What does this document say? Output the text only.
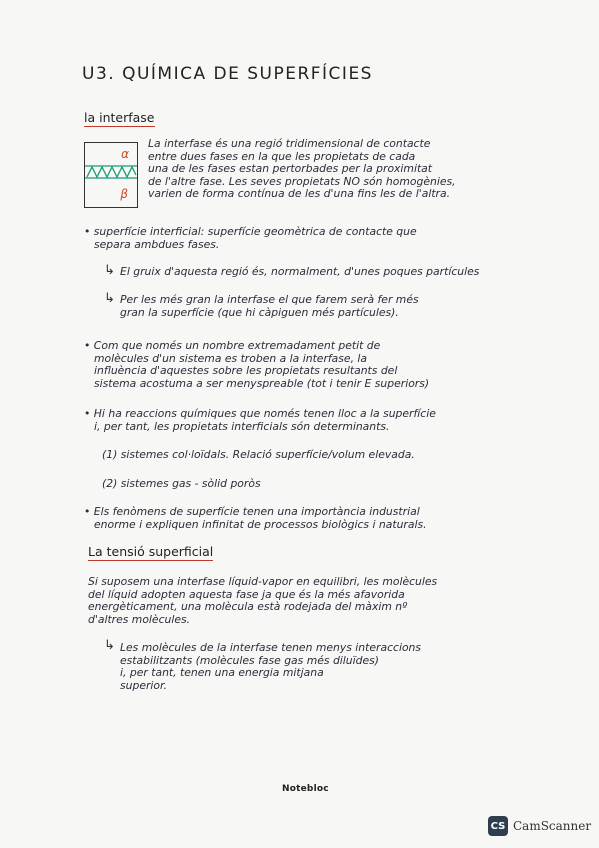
U3. QUÍMICA DE SUPERFÍCIES
la interfase
α
β
La interfase és una regió tridimensional de contacte
entre dues fases en la que les propietats de cada
una de les fases estan pertorbades per la proximitat
de l'altre fase. Les seves propietats NO són homogènies,
varien de forma contínua de les d'una fins les de l'altra.
• superfície interficial: superfície geomètrica de contacte que
separa ambdues fases.
↳ El gruix d'aquesta regió és, normalment, d'unes poques partícules
↳ Per les més gran la interfase el que farem serà fer més
gran la superfície (que hi càpiguen més partícules).
• Com que només un nombre extremadament petit de
molècules d'un sistema es troben a la interfase, la
influència d'aquestes sobre les propietats resultants del
sistema acostuma a ser menyspreable (tot i tenir E superiors)
• Hi ha reaccions químiques que només tenen lloc a la superfície
i, per tant, les propietats interficials són determinants.
(1) sistemes col·loïdals. Relació superfície/volum elevada.
(2) sistemes gas - sòlid poròs
• Els fenòmens de superfície tenen una importància industrial
enorme i expliquen infinitat de processos biològics i naturals.
La tensió superficial
Si suposem una interfase líquid-vapor en equilibri, les molècules
del líquid adopten aquesta fase ja que és la més afavorida
energèticament, una molècula està rodejada del màxim nº
d'altres molècules.
↳ Les molècules de la interfase tenen menys interaccions
estabilitzants (molècules fase gas més diluïdes)
i, per tant, tenen una energia mitjana
superior.
Notebloc
CS CamScanner
